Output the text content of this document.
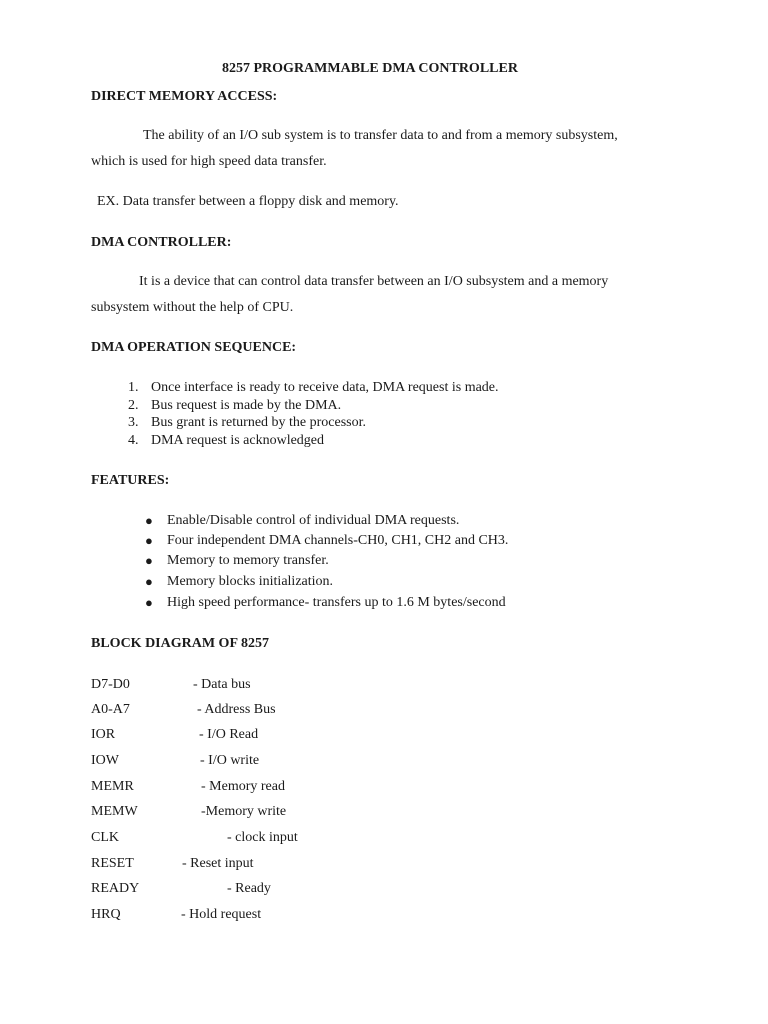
8257 PROGRAMMABLE DMA CONTROLLER
DIRECT MEMORY ACCESS:
The ability of an I/O sub system is to transfer data to and from a memory subsystem,
which is used for high speed data transfer.
EX. Data transfer between a floppy disk and memory.
DMA CONTROLLER:
It is a device that can control data transfer between an I/O subsystem and a memory
subsystem without the help of CPU.
DMA OPERATION SEQUENCE:
1. Once interface is ready to receive data, DMA request is made.
2. Bus request is made by the DMA.
3. Bus grant is returned by the processor.
4. DMA request is acknowledged
FEATURES:
● Enable/Disable control of individual DMA requests.
● Four independent DMA channels-CH0, CH1, CH2 and CH3.
● Memory to memory transfer.
● Memory blocks initialization.
● High speed performance- transfers up to 1.6 M bytes/second
BLOCK DIAGRAM OF 8257
D7-D0	- Data bus
A0-A7	- Address Bus
IOR	- I/O Read
IOW	- I/O write
MEMR	- Memory read
MEMW	-Memory write
CLK	- clock input
RESET	- Reset input
READY	- Ready
HRQ	- Hold request
